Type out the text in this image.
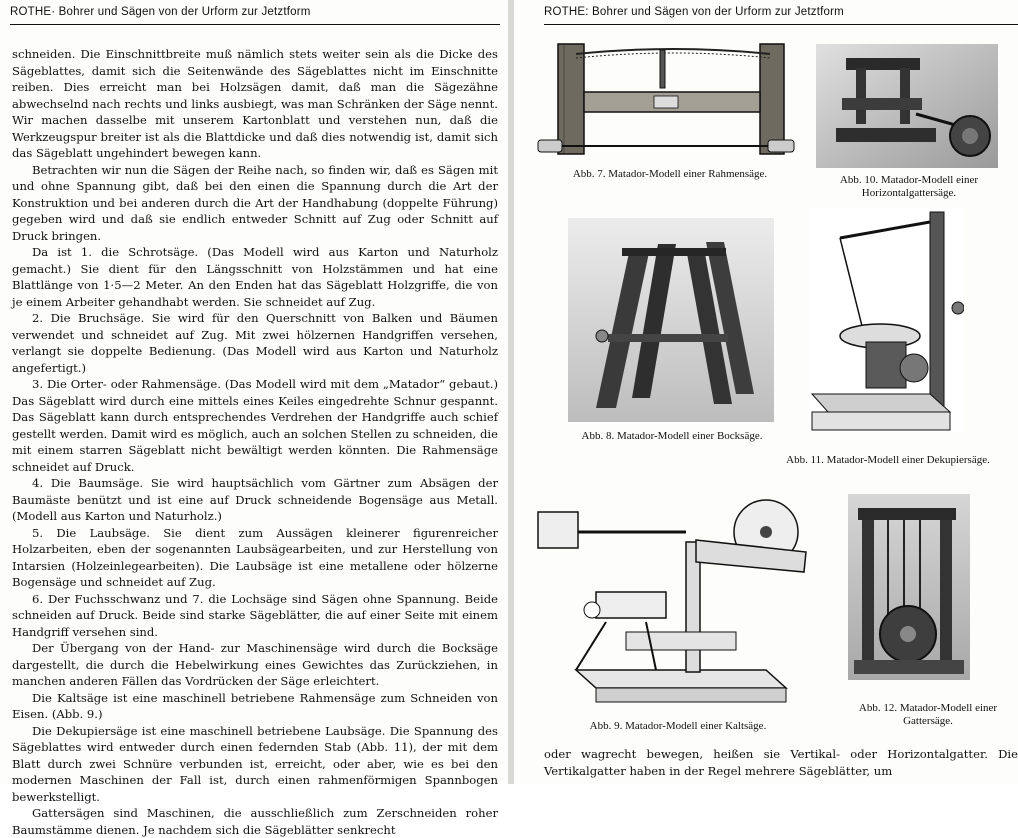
ROTHE· Bohrer und Sägen von der Urform zur Jetztform

schneiden. Die Einschnittbreite muß nämlich stets weiter sein als die Dicke des Sägeblattes, damit sich die Seitenwände des Sägeblattes nicht im Einschnitte reiben. Dies erreicht man bei Holzsägen damit, daß man die Sägezähne abwechselnd nach rechts und links ausbiegt, was man Schränken der Säge nennt. Wir machen dasselbe mit unserem Kartonblatt und verstehen nun, daß die Werkzeugspur breiter ist als die Blattdicke und daß dies notwendig ist, damit sich das Sägeblatt ungehindert bewegen kann.

Betrachten wir nun die Sägen der Reihe nach, so finden wir, daß es Sägen mit und ohne Spannung gibt, daß bei den einen die Spannung durch die Art der Konstruktion und bei anderen durch die Art der Handhabung (doppelte Führung) gegeben wird und daß sie endlich entweder Schnitt auf Zug oder Schnitt auf Druck bringen.

Da ist 1. die Schrotsäge. (Das Modell wird aus Karton und Naturholz gemacht.) Sie dient für den Längsschnitt von Holzstämmen und hat eine Blattlänge von 1·5—2 Meter. An den Enden hat das Sägeblatt Holzgriffe, die von je einem Arbeiter gehandhabt werden. Sie schneidet auf Zug.

2. Die Bruchsäge. Sie wird für den Querschnitt von Balken und Bäumen verwendet und schneidet auf Zug. Mit zwei hölzernen Handgriffen versehen, verlangt sie doppelte Bedienung. (Das Modell wird aus Karton und Naturholz angefertigt.)

3. Die Orter- oder Rahmensäge. (Das Modell wird mit dem „Matador“ gebaut.) Das Sägeblatt wird durch eine mittels eines Keiles eingedrehte Schnur gespannt. Das Sägeblatt kann durch entsprechendes Verdrehen der Handgriffe auch schief gestellt werden. Damit wird es möglich, auch an solchen Stellen zu schneiden, die mit einem starren Sägeblatt nicht bewältigt werden könnten. Die Rahmensäge schneidet auf Druck.

4. Die Baumsäge. Sie wird hauptsächlich vom Gärtner zum Absägen der Baumäste benützt und ist eine auf Druck schneidende Bogensäge aus Metall. (Modell aus Karton und Naturholz.)

5. Die Laubsäge. Sie dient zum Aussägen kleinerer figurenreicher Holzarbeiten, eben der sogenannten Laubsägearbeiten, und zur Herstellung von Intarsien (Holzeinlegearbeiten). Die Laubsäge ist eine metallene oder hölzerne Bogensäge und schneidet auf Zug.

6. Der Fuchsschwanz und 7. die Lochsäge sind Sägen ohne Spannung. Beide schneiden auf Druck. Beide sind starke Sägeblätter, die auf einer Seite mit einem Handgriff versehen sind.

Der Übergang von der Hand- zur Maschinensäge wird durch die Bocksäge dargestellt, die durch die Hebelwirkung eines Gewichtes das Zurückziehen, in manchen anderen Fällen das Vordrücken der Säge erleichtert.

Die Kaltsäge ist eine maschinell betriebene Rahmensäge zum Schneiden von Eisen. (Abb. 9.)

Die Dekupiersäge ist eine maschinell betriebene Laubsäge. Die Spannung des Sägeblattes wird entweder durch einen federnden Stab (Abb. 11), der mit dem Blatt durch zwei Schnüre verbunden ist, erreicht, oder aber, wie es bei den modernen Maschinen der Fall ist, durch einen rahmenförmigen Spannbogen bewerkstelligt.

Gattersägen sind Maschinen, die ausschließlich zum Zerschneiden roher Baumstämme dienen. Je nachdem sich die Sägeblätter senkrecht

ROTHE: Bohrer und Sägen von der Urform zur Jetztform
Abb. 7. Matador-Modell einer Rahmensäge.	Abb. 10. Matador-Modell einer Horizontalgattersäge.
Abb. 8. Matador-Modell einer Bocksäge.
Abb. 11. Matador-Modell einer Dekupiersäge.
Abb. 9. Matador-Modell einer Kaltsäge.
Abb. 12. Matador-Modell einer Gattersäge.

oder wagrecht bewegen, heißen sie Vertikal- oder Horizontalgatter. Die Vertikalgatter haben in der Regel mehrere Sägeblätter, um
